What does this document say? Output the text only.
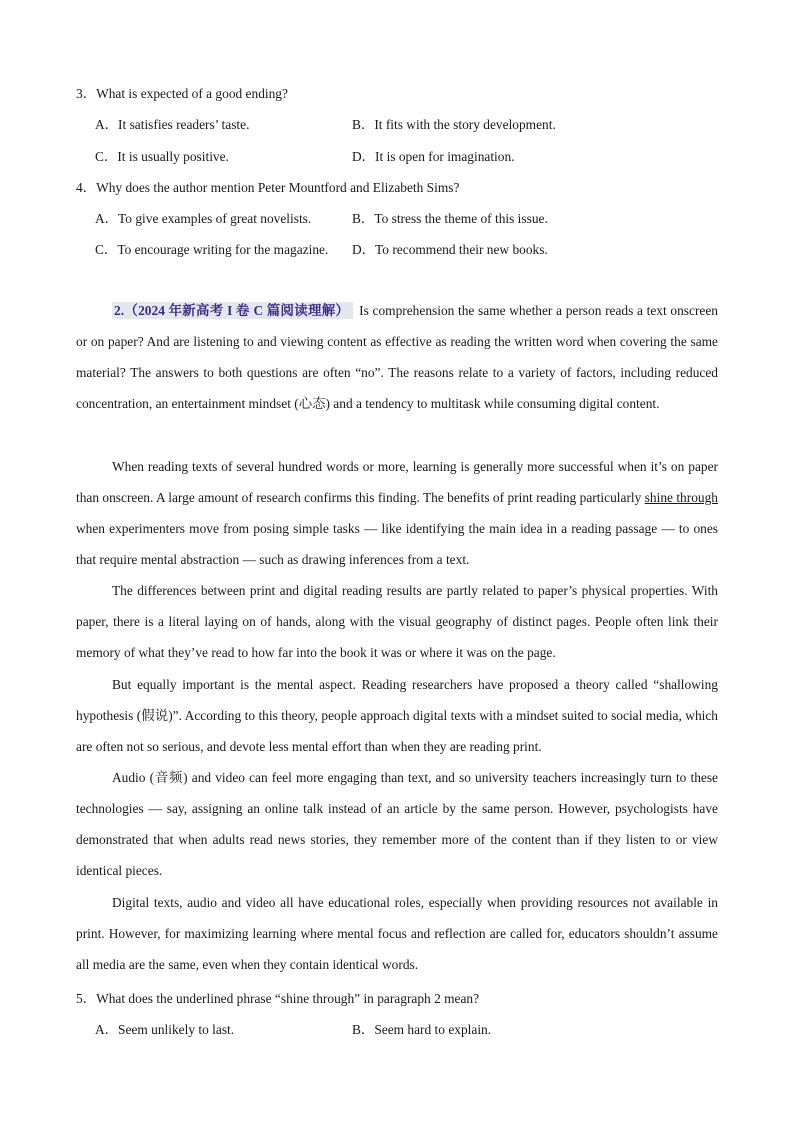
3．What is expected of a good ending?
A．It satisfies readers’ taste.	B．It fits with the story development.
C．It is usually positive.	D．It is open for imagination.
4．Why does the author mention Peter Mountford and Elizabeth Sims?
A．To give examples of great novelists.	B．To stress the theme of this issue.
C．To encourage writing for the magazine. D．To recommend their new books.

2.（2024 年新高考 I 卷 C 篇阅读理解） Is comprehension the same whether a person reads a text onscreen or on paper? And are listening to and viewing content as effective as reading the written word when covering the same material? The answers to both questions are often “no”. The reasons relate to a variety of factors, including reduced concentration, an entertainment mindset (心态) and a tendency to multitask while consuming digital content.

When reading texts of several hundred words or more, learning is generally more successful when it’s on paper than onscreen. A large amount of research confirms this finding. The benefits of print reading particularly shine through when experimenters move from posing simple tasks — like identifying the main idea in a reading passage — to ones that require mental abstraction — such as drawing inferences from a text.

The differences between print and digital reading results are partly related to paper’s physical properties. With paper, there is a literal laying on of hands, along with the visual geography of distinct pages. People often link their memory of what they’ve read to how far into the book it was or where it was on the page.

But equally important is the mental aspect. Reading researchers have proposed a theory called “shallowing hypothesis (假说)”. According to this theory, people approach digital texts with a mindset suited to social media, which are often not so serious, and devote less mental effort than when they are reading print.

Audio (音频) and video can feel more engaging than text, and so university teachers increasingly turn to these technologies — say, assigning an online talk instead of an article by the same person. However, psychologists have demonstrated that when adults read news stories, they remember more of the content than if they listen to or view identical pieces.

Digital texts, audio and video all have educational roles, especially when providing resources not available in print. However, for maximizing learning where mental focus and reflection are called for, educators shouldn’t assume all media are the same, even when they contain identical words.

5．What does the underlined phrase “shine through” in paragraph 2 mean?
A．Seem unlikely to last.	B．Seem hard to explain.
